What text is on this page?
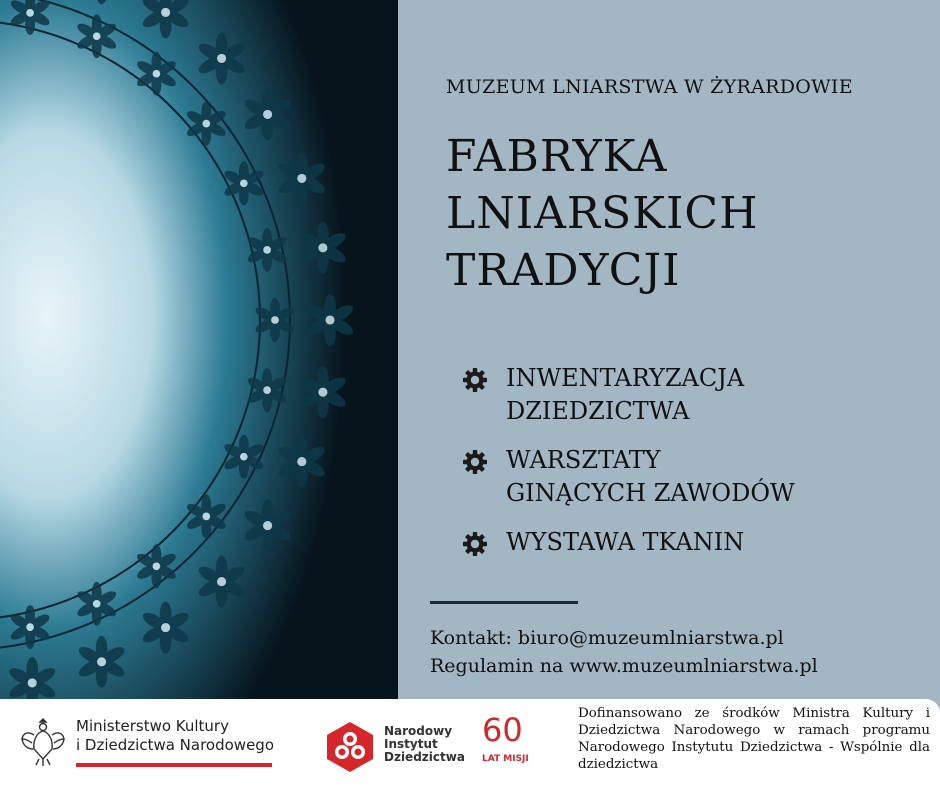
MUZEUM LNIARSTWA W ŻYRARDOWIE
FABRYKA
LNIARSKICH
TRADYCJI
INWENTARYZACJA
DZIEDZICTWA
WARSZTATY
GINĄCYCH ZAWODÓW
WYSTAWA TKANIN
Kontakt: biuro@muzeumlniarstwa.pl
Regulamin na www.muzeumlniarstwa.pl
Ministerstwo Kultury
i Dziedzictwa Narodowego
Narodowy
Instytut
Dziedzictwa
60
LAT MISJI
Dofinansowano ze środków Ministra Kultury i Dziedzictwa Narodowego w ramach programu Narodowego Instytutu Dziedzictwa - Wspólnie dla dziedzictwa
